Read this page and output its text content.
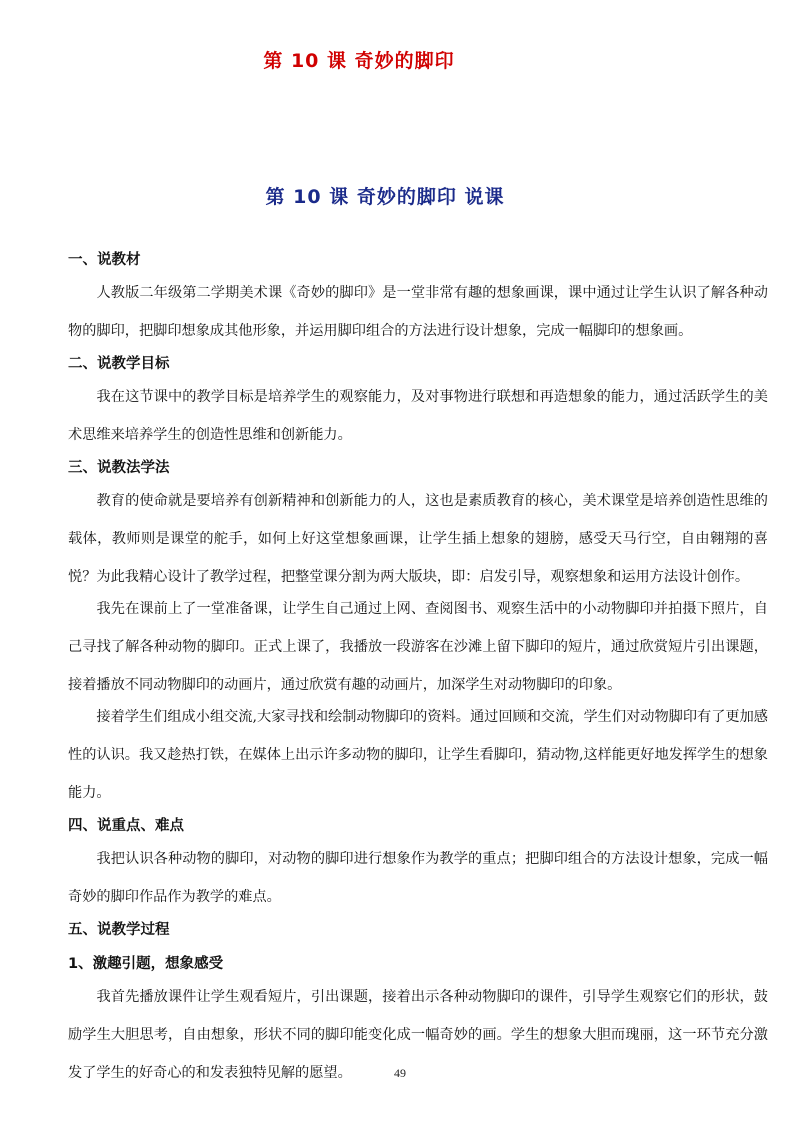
第 10 课 奇妙的脚印
第 10 课 奇妙的脚印 说课
一、说教材
人教版二年级第二学期美术课《奇妙的脚印》是一堂非常有趣的想象画课，课中通过让学生认识了解各种动物的脚印，把脚印想象成其他形象，并运用脚印组合的方法进行设计想象，完成一幅脚印的想象画。
二、说教学目标
我在这节课中的教学目标是培养学生的观察能力，及对事物进行联想和再造想象的能力，通过活跃学生的美术思维来培养学生的创造性思维和创新能力。
三、说教法学法
教育的使命就是要培养有创新精神和创新能力的人，这也是素质教育的核心，美术课堂是培养创造性思维的载体，教师则是课堂的舵手，如何上好这堂想象画课，让学生插上想象的翅膀，感受天马行空，自由翱翔的喜悦？为此我精心设计了教学过程，把整堂课分割为两大版块，即：启发引导，观察想象和运用方法设计创作。
我先在课前上了一堂准备课，让学生自己通过上网、查阅图书、观察生活中的小动物脚印并拍摄下照片，自己寻找了解各种动物的脚印。正式上课了，我播放一段游客在沙滩上留下脚印的短片，通过欣赏短片引出课题，接着播放不同动物脚印的动画片，通过欣赏有趣的动画片，加深学生对动物脚印的印象。
接着学生们组成小组交流,大家寻找和绘制动物脚印的资料。通过回顾和交流，学生们对动物脚印有了更加感性的认识。我又趁热打铁，在媒体上出示许多动物的脚印，让学生看脚印，猜动物,这样能更好地发挥学生的想象能力。
四、说重点、难点
我把认识各种动物的脚印，对动物的脚印进行想象作为教学的重点；把脚印组合的方法设计想象，完成一幅奇妙的脚印作品作为教学的难点。
五、说教学过程
1、激趣引题，想象感受
我首先播放课件让学生观看短片，引出课题，接着出示各种动物脚印的课件，引导学生观察它们的形状，鼓励学生大胆思考，自由想象，形状不同的脚印能变化成一幅奇妙的画。学生的想象大胆而瑰丽，这一环节充分激发了学生的好奇心的和发表独特见解的愿望。	49
